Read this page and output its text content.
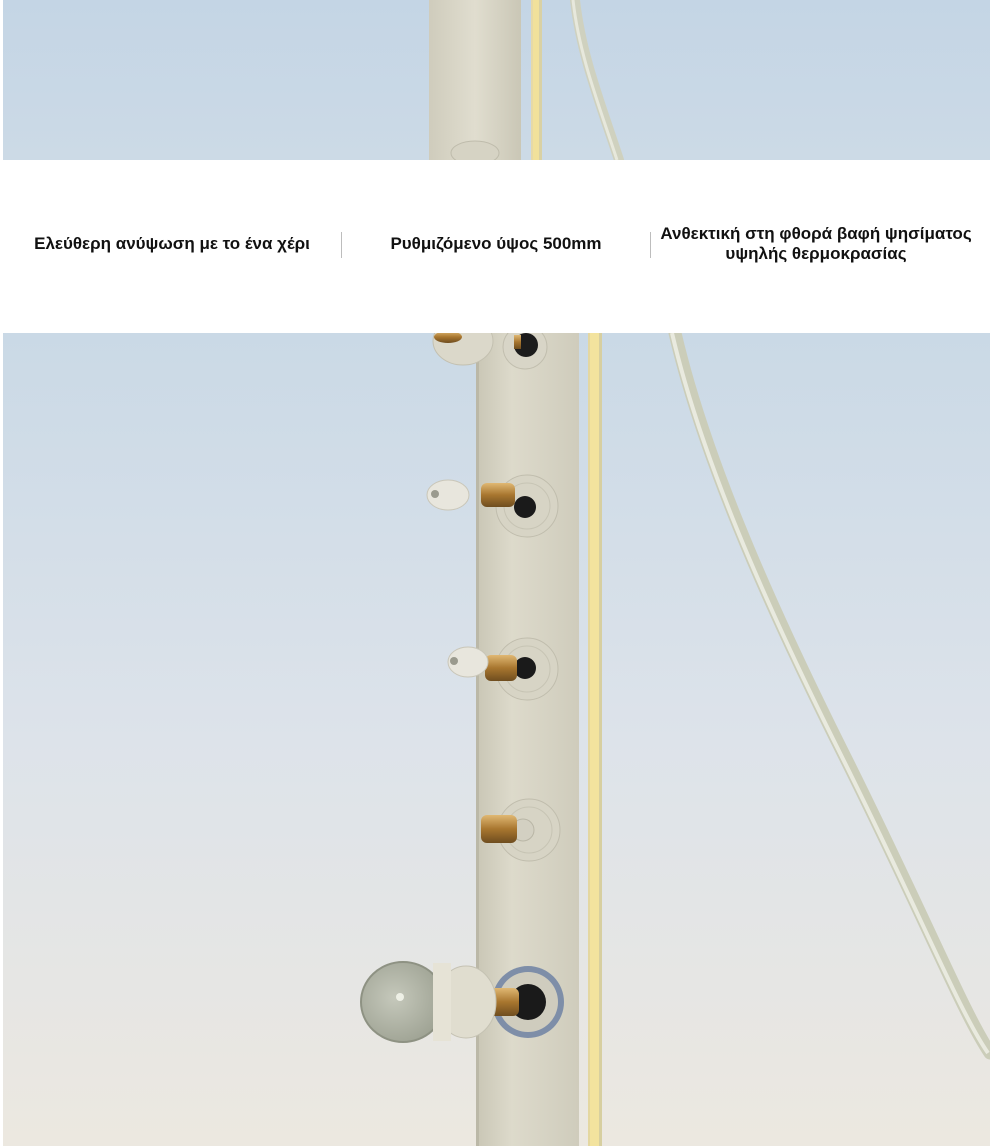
Ελεύθερη ανύψωση με το ένα χέρι	Ρυθμιζόμενο ύψος 500mm
Ανθεκτική στη φθορά βαφή ψησίματος υψηλής θερμοκρασίας
